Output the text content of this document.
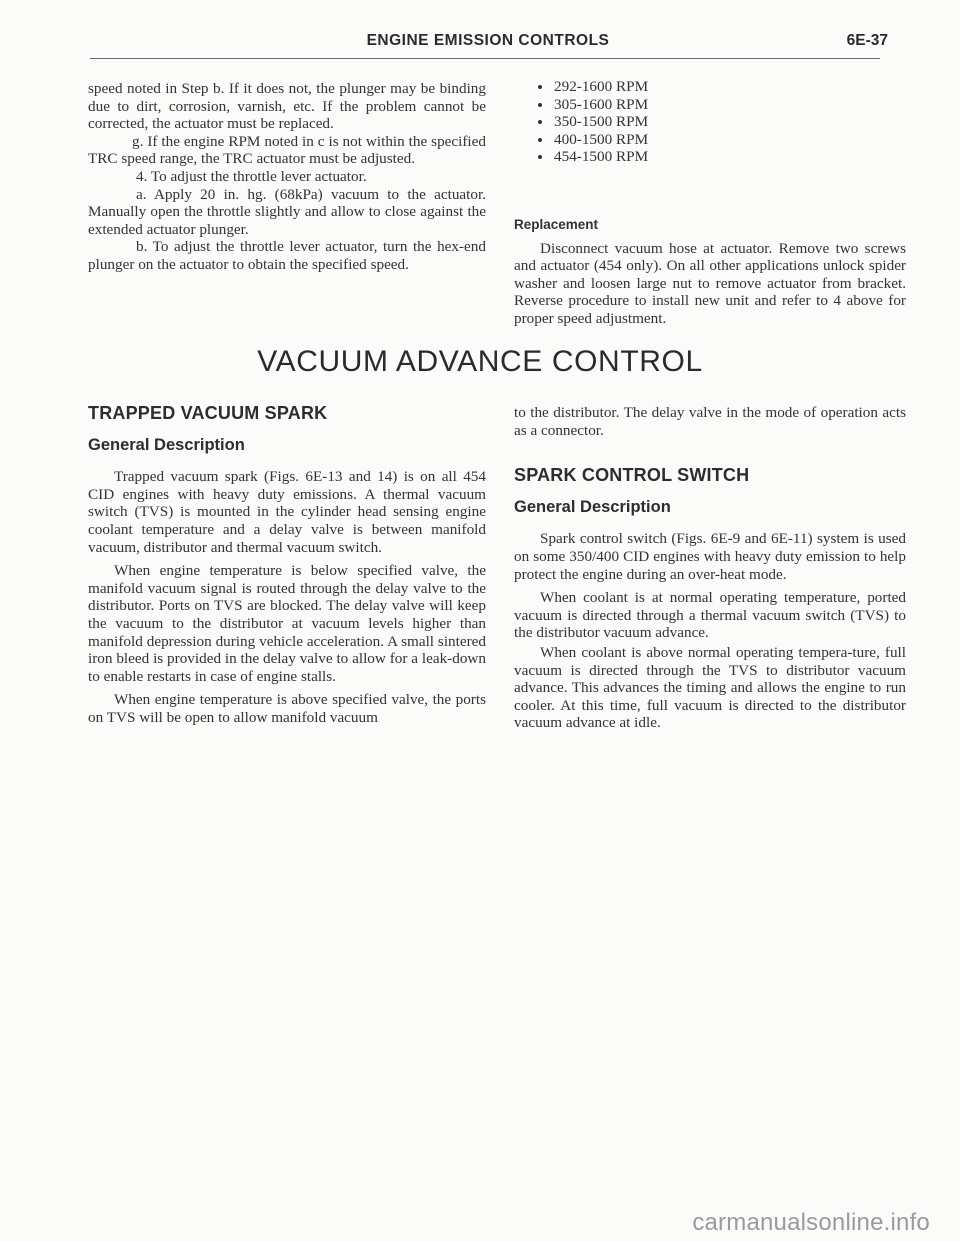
ENGINE EMISSION CONTROLS	6E-37

speed noted in Step b. If it does not, the plunger may be binding due to dirt, corrosion, varnish, etc. If the problem cannot be corrected, the actuator must be replaced.

g. If the engine RPM noted in c is not within the specified TRC speed range, the TRC actuator must be adjusted.

4. To adjust the throttle lever actuator.

a. Apply 20 in. hg. (68kPa) vacuum to the actuator. Manually open the throttle slightly and allow to close against the extended actuator plunger.

b. To adjust the throttle lever actuator, turn the hex-end plunger on the actuator to obtain the specified speed.

292-1600 RPM
305-1600 RPM
350-1500 RPM
400-1500 RPM
454-1500 RPM
Replacement

Disconnect vacuum hose at actuator. Remove two screws and actuator (454 only). On all other applications unlock spider washer and loosen large nut to remove actuator from bracket. Reverse procedure to install new unit and refer to 4 above for proper speed adjustment.

VACUUM ADVANCE CONTROL
TRAPPED VACUUM SPARK
General Description

Trapped vacuum spark (Figs. 6E-13 and 14) is on all 454 CID engines with heavy duty emissions. A thermal vacuum switch (TVS) is mounted in the cylinder head sensing engine coolant temperature and a delay valve is between manifold vacuum, distributor and thermal vacuum switch.

When engine temperature is below specified valve, the manifold vacuum signal is routed through the delay valve to the distributor. Ports on TVS are blocked. The delay valve will keep the vacuum to the distributor at vacuum levels higher than manifold depression during vehicle acceleration. A small sintered iron bleed is provided in the delay valve to allow for a leak-down to enable restarts in case of engine stalls.

When engine temperature is above specified valve, the ports on TVS will be open to allow manifold vacuum

to the distributor. The delay valve in the mode of operation acts as a connector.

SPARK CONTROL SWITCH
General Description

Spark control switch (Figs. 6E-9 and 6E-11) system is used on some 350/400 CID engines with heavy duty emission to help protect the engine during an over-heat mode.

When coolant is at normal operating temperature, ported vacuum is directed through a thermal vacuum switch (TVS) to the distributor vacuum advance.

When coolant is above normal operating tempera-ture, full vacuum is directed through the TVS to distributor vacuum advance. This advances the timing and allows the engine to run cooler. At this time, full vacuum is directed to the distributor vacuum advance at idle.

carmanualsonline.info
